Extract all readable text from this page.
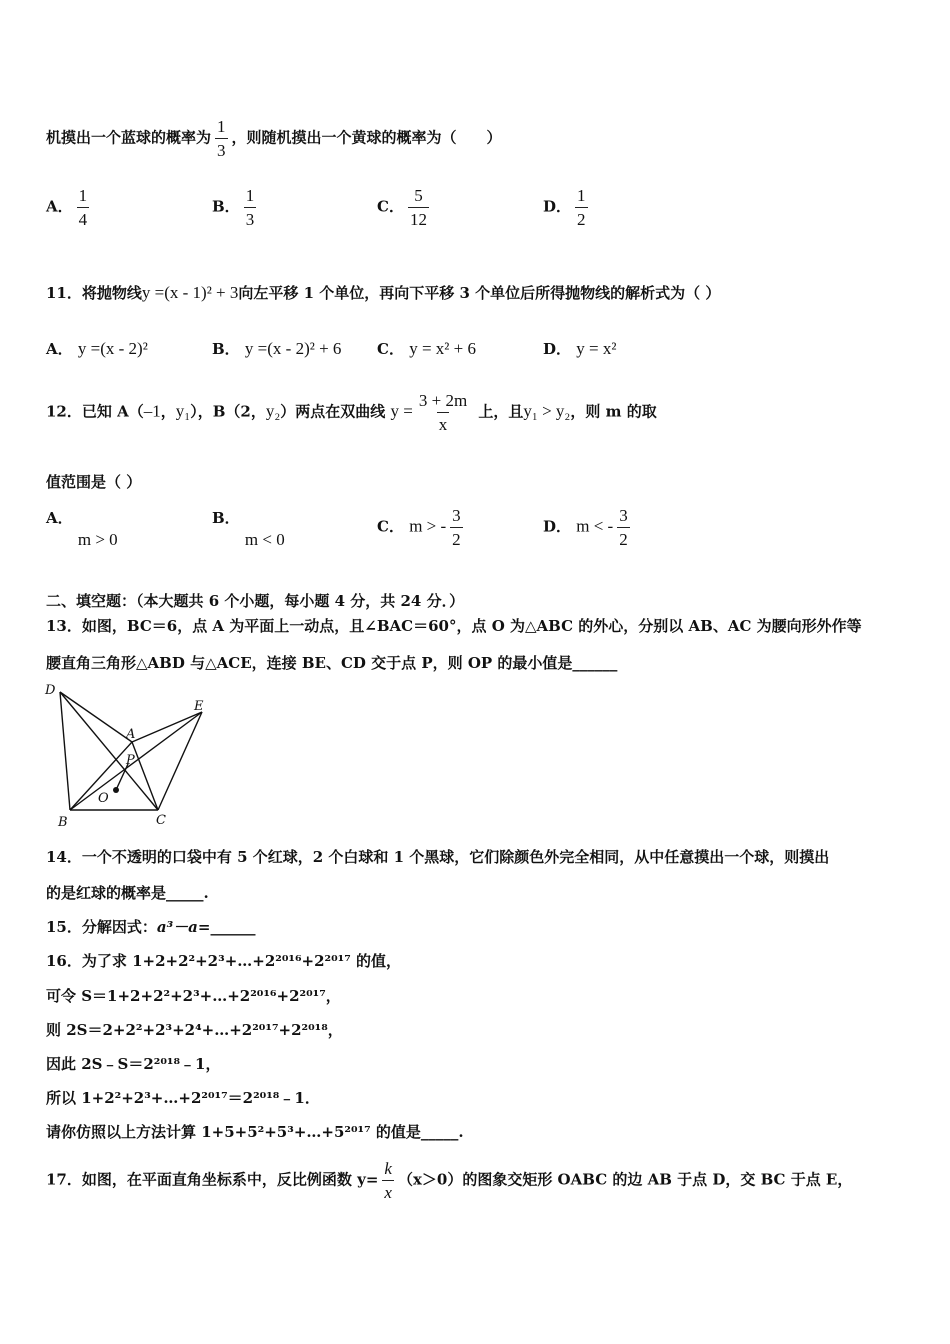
机摸出一个蓝球的概率为 $\frac{1}{3}$ ，则随机摸出一个黄球的概率为（　　）
A． $\frac{1}{4}$	B． $\frac{1}{3}$	C． $\frac{5}{12}$	D． $\frac{1}{2}$
11．将抛物线y =(x - 1)² + 3向左平移 1 个单位，再向下平移 3 个单位后所得抛物线的解析式为（ ）
A． y =(x - 2)²	B． y =(x - 2)² + 6 C． y = x² + 6	D． y = x²
12．已知 A（–1，y₁），B（2，y₂）两点在双曲线 $y = \frac{3 + 2m}{x}$ 上，且y₁ > y₂，则 m 的取
值范围是（ ）
A． m > 0
B． m < 0
C． m > - $\frac{3}{2}$	D． m < - $\frac{3}{2}$
二、填空题：（本大题共 6 个小题，每小题 4 分，共 24 分．）
13．如图，BC＝6，点 A 为平面上一动点，且∠BAC＝60°，点 O 为△ABC 的外心，分别以 AB、AC 为腰向形外作等
腰直角三角形△ABD 与△ACE，连接 BE、CD 交于点 P，则 OP 的最小值是______
D
E
A
P
O
B	C
14．一个不透明的口袋中有 5 个红球，2 个白球和 1 个黑球，它们除颜色外完全相同，从中任意摸出一个球，则摸出
的是红球的概率是_____.
15．分解因式：a³－a=______
16．为了求 1+2+2²+2³+…+2²⁰¹⁶+2²⁰¹⁷ 的值，
可令 S＝1+2+2²+2³+…+2²⁰¹⁶+2²⁰¹⁷，
则 2S＝2+2²+2³+2⁴+…+2²⁰¹⁷+2²⁰¹⁸，
因此 2S﹣S＝2²⁰¹⁸﹣1，
所以 1+2²+2³+…+2²⁰¹⁷＝2²⁰¹⁸﹣1．
请你仿照以上方法计算 1+5+5²+5³+…+5²⁰¹⁷ 的值是_____.
17．如图，在平面直角坐标系中，反比例函数 $y= \frac{k}{x} (x>0)$的图象交矩形 OABC 的边 AB 于点 D，交 BC 于点 E，
